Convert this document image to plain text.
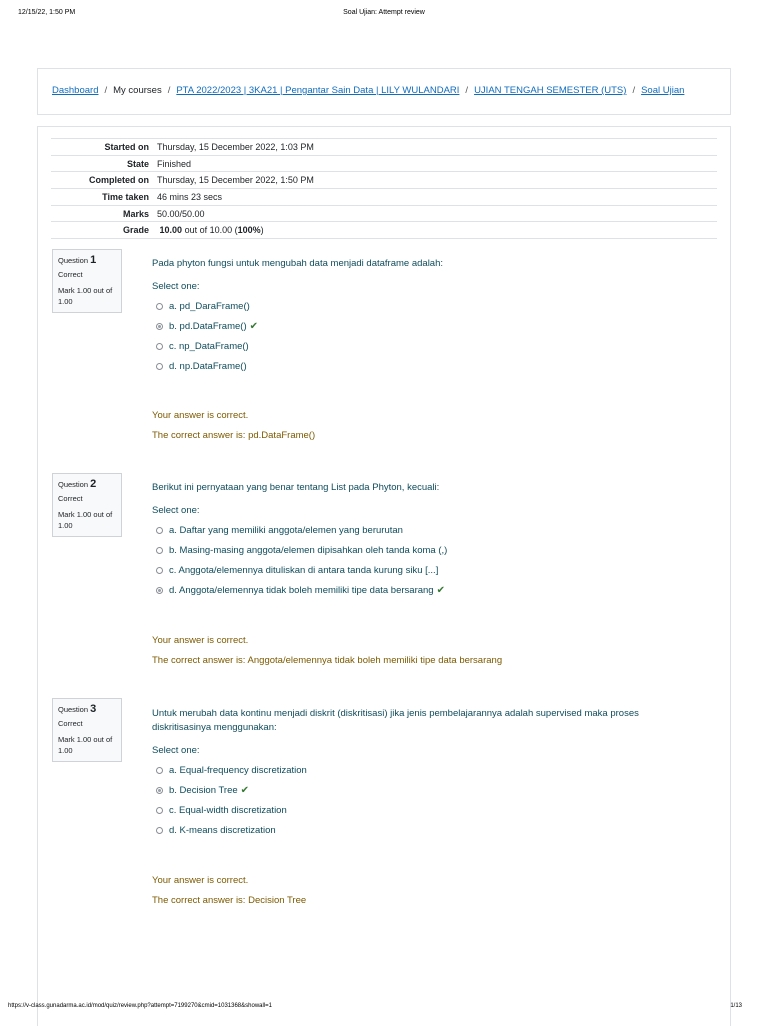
12/15/22, 1:50 PM	Soal Ujian: Attempt review
Dashboard / My courses / PTA 2022/2023 | 3KA21 | Pengantar Sain Data | LILY WULANDARI / UJIAN TENGAH SEMESTER (UTS) / Soal Ujian
Started on	Thursday, 15 December 2022, 1:03 PM
State	Finished
Completed on	Thursday, 15 December 2022, 1:50 PM
Time taken	46 mins 23 secs
Marks	50.00/50.00
Grade	10.00 out of 10.00 (100%)
Question 1
Correct
Mark 1.00 out of 1.00
Pada phyton fungsi untuk mengubah data menjadi dataframe adalah:
Select one:
a. pd_DaraFrame()
b. pd.DataFrame() ✔
c. np_DataFrame()
d. np.DataFrame()
Your answer is correct.
The correct answer is: pd.DataFrame()
Question 2
Correct
Mark 1.00 out of 1.00
Berikut ini pernyataan yang benar tentang List pada Phyton, kecuali:
Select one:
a. Daftar yang memiliki anggota/elemen yang berurutan
b. Masing-masing anggota/elemen dipisahkan oleh tanda koma (,)
c. Anggota/elemennya dituliskan di antara tanda kurung siku [...]
d. Anggota/elemennya tidak boleh memiliki tipe data bersarang ✔
Your answer is correct.
The correct answer is: Anggota/elemennya tidak boleh memiliki tipe data bersarang
Question 3
Correct
Mark 1.00 out of 1.00
Untuk merubah data kontinu menjadi diskrit (diskritisasi) jika jenis pembelajarannya adalah supervised maka proses diskritisasinya menggunakan:
Select one:
a. Equal-frequency discretization
b. Decision Tree ✔
c. Equal-width discretization
d. K-means discretization
Your answer is correct.
The correct answer is: Decision Tree
https://v-class.gunadarma.ac.id/mod/quiz/review.php?attempt=7199270&cmid=1031368&showall=1	1/13
